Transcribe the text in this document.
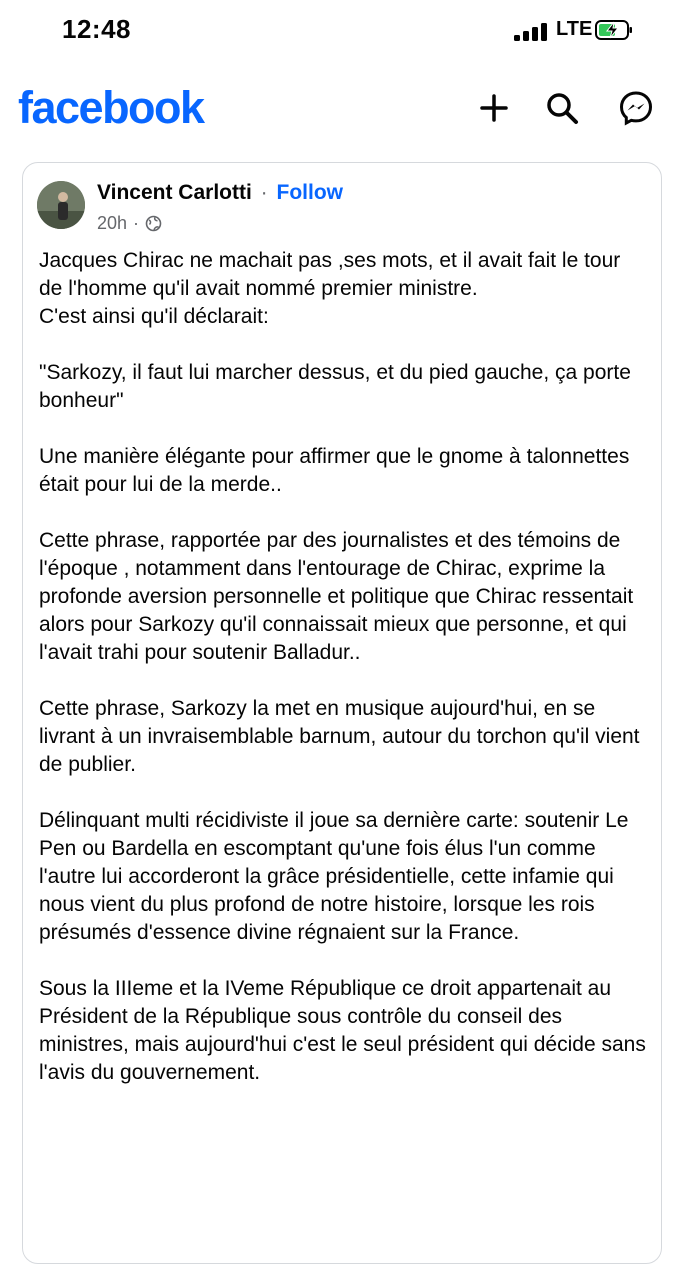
12:48	LTE
facebook
Vincent Carlotti · Follow
20h ·

Jacques Chirac ne machait pas ,ses mots, et il avait fait le tour de l'homme qu'il avait nommé premier ministre.
C'est ainsi qu'il déclarait:

"Sarkozy, il faut lui marcher dessus, et du pied gauche, ça porte bonheur"

Une manière élégante pour affirmer que le gnome à talonnettes était pour lui de la merde..

Cette phrase, rapportée par des journalistes et des témoins de l'époque , notamment dans l'entourage de Chirac, exprime la profonde aversion personnelle et politique que Chirac ressentait alors pour Sarkozy qu'il connaissait mieux que personne, et qui l'avait trahi pour soutenir Balladur..

Cette phrase, Sarkozy la met en musique aujourd'hui, en se livrant à un invraisemblable barnum, autour du torchon qu'il vient de publier.

Délinquant multi récidiviste il joue sa dernière carte: soutenir Le Pen ou Bardella en escomptant qu'une fois élus l'un comme l'autre lui accorderont la grâce présidentielle, cette infamie qui nous vient du plus profond de notre histoire, lorsque les rois présumés d'essence divine régnaient sur la France.

Sous la IIIeme et la IVeme République ce droit appartenait au Président de la République sous contrôle du conseil des ministres, mais aujourd'hui c'est le seul président qui décide sans l'avis du gouvernement.
